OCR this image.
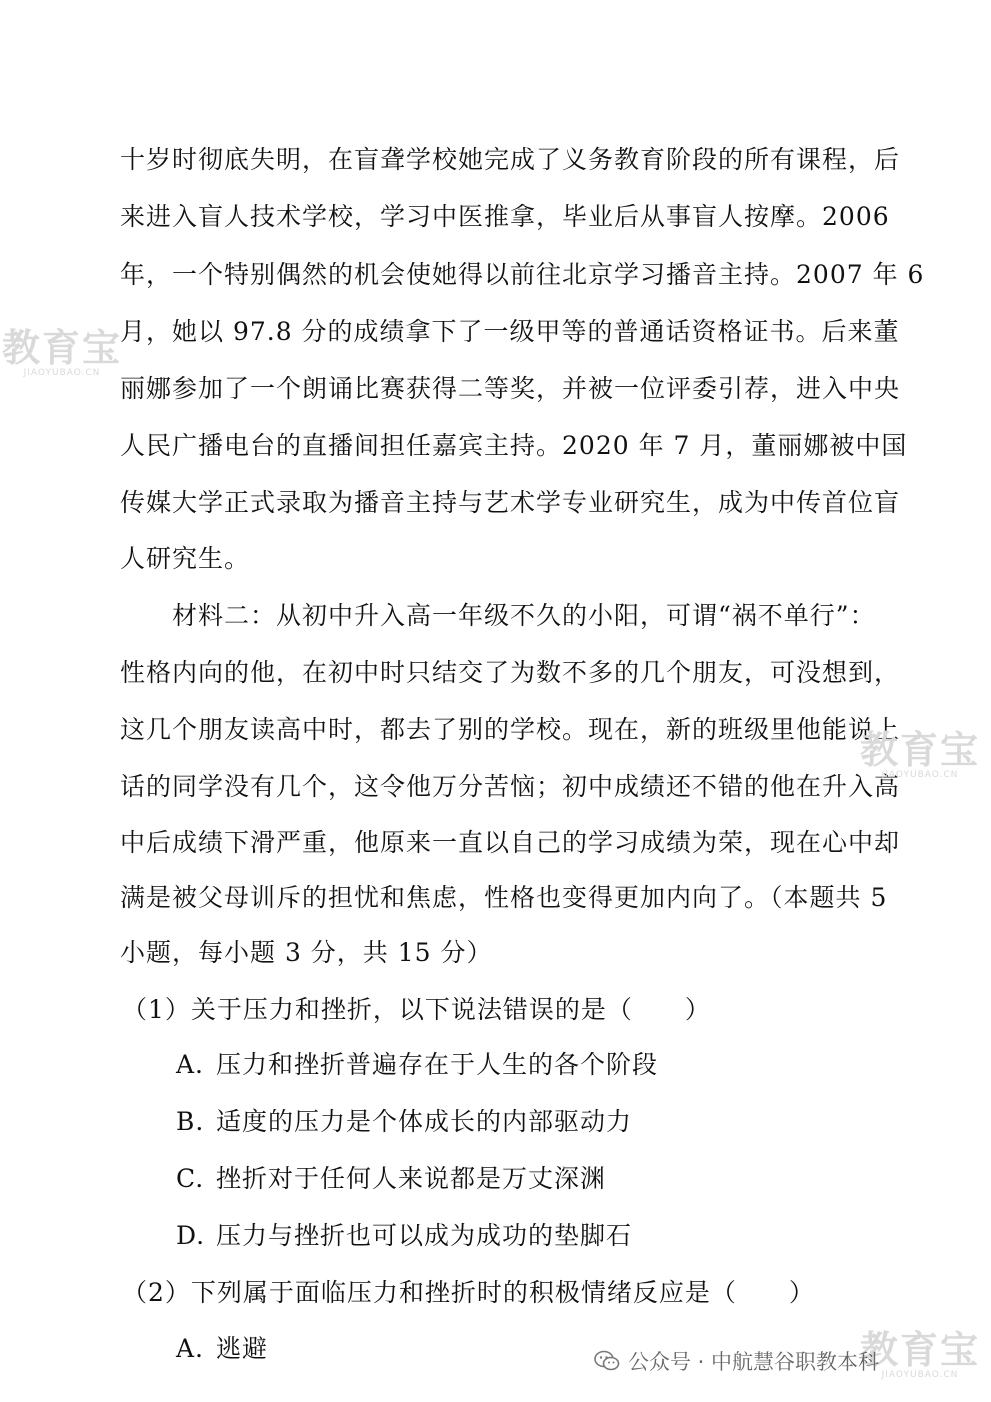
十岁时彻底失明，在盲聋学校她完成了义务教育阶段的所有课程，后
来进入盲人技术学校，学习中医推拿，毕业后从事盲人按摩。2006
年，一个特别偶然的机会使她得以前往北京学习播音主持。2007 年 6
月，她以 97.8 分的成绩拿下了一级甲等的普通话资格证书。后来董
丽娜参加了一个朗诵比赛获得二等奖，并被一位评委引荐，进入中央
人民广播电台的直播间担任嘉宾主持。2020 年 7 月，董丽娜被中国
传媒大学正式录取为播音主持与艺术学专业研究生，成为中传首位盲
人研究生。
材料二：从初中升入高一年级不久的小阳，可谓“祸不单行”：
性格内向的他，在初中时只结交了为数不多的几个朋友，可没想到，
这几个朋友读高中时，都去了别的学校。现在，新的班级里他能说上
话的同学没有几个，这令他万分苦恼；初中成绩还不错的他在升入高
中后成绩下滑严重，他原来一直以自己的学习成绩为荣，现在心中却
满是被父母训斥的担忧和焦虑，性格也变得更加内向了。（本题共 5
小题，每小题 3 分，共 15 分）
（1）关于压力和挫折，以下说法错误的是（　　）
A. 压力和挫折普遍存在于人生的各个阶段
B. 适度的压力是个体成长的内部驱动力
C. 挫折对于任何人来说都是万丈深渊
D. 压力与挫折也可以成为成功的垫脚石
（2）下列属于面临压力和挫折时的积极情绪反应是（　　）
A. 逃避
教育宝
JIAOYUBAO.CN
教育宝
JIAOYUBAO.CN
教育宝
JIAOYUBAO.CN
公众号 · 中航慧谷职教本科
